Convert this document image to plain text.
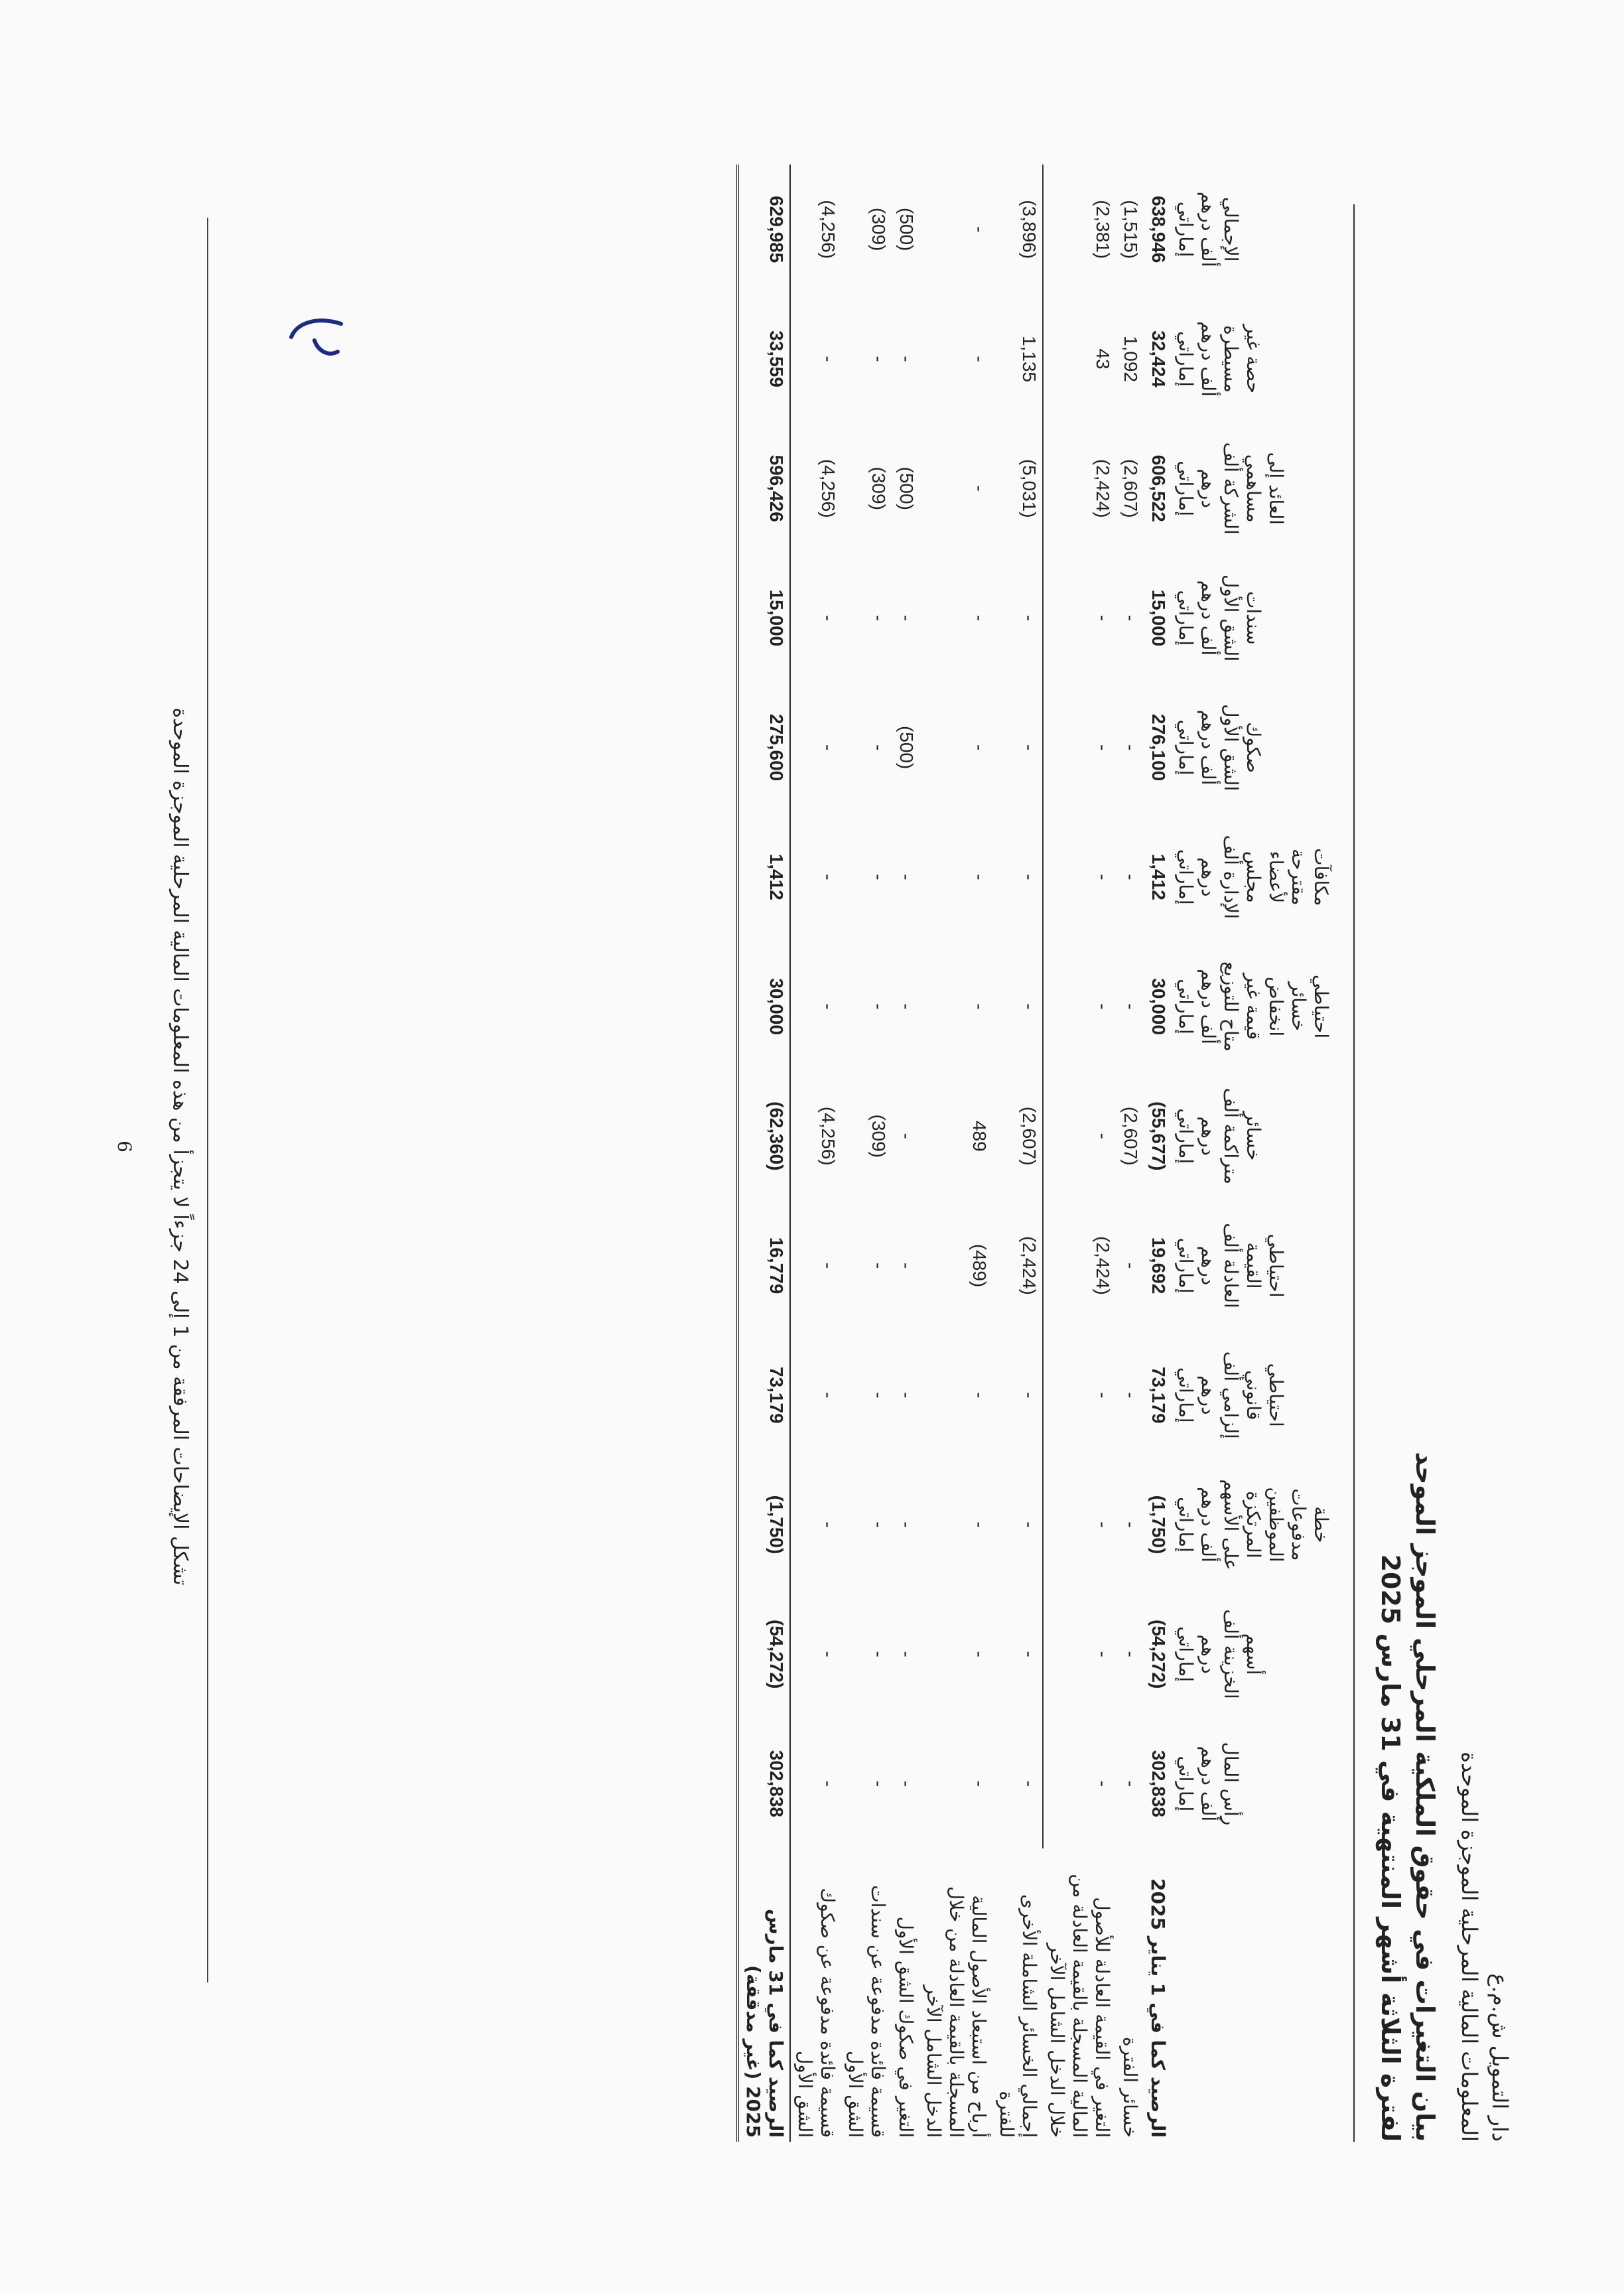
دار التمويل ش.م.ع
المعلومات المالية المرحلية الموجزة الموحدة
بيان التغيرات في حقوق الملكية المرحلي الموجز الموحد
لفترة الثلاثة أشهر المنتهية في 31 مارس 2025
	رأس المال ألف درهم إماراتي	أسهم الخزينة ألف درهم إماراتي	خطة مدفوعات الموظفين المرتكزة على الأسهم ألف درهم إماراتي	احتياطي قانوني إلزامي ألف درهم إماراتي	احتياطي القيمة العادلة ألف درهم إماراتي	خسائر متراكمة ألف درهم إماراتي	احتياطي خسائر انخفاض قيمة غير متاح للتوزيع ألف درهم إماراتي	مكافآت مقترحة لأعضاء مجلس الإدارة ألف درهم إماراتي	صكوك الشق الأول ألف درهم إماراتي	سندات الشق الأول ألف درهم إماراتي	العائد إلى مساهمي الشركة ألف درهم إماراتي	حصة غير مسيطرة ألف درهم إماراتي	الإجمالي ألف درهم إماراتي
الرصيد كما في 1 يناير 2025	302,838	(54,272)	(1,750)	73,179	19,692	(55,677)	30,000	1,412	276,100	15,000	606,522	32,424	638,946
خسائر الفترة	-	-	-	-	-	(2,607)	-	-	-	-	(2,607)	1,092	(1,515)
التغير في القيمة العادلة للأصول المالية المسجلة بالقيمة العادلة من خلال الدخل الشامل الآخر	-	-	-	-	(2,424)	-	-	-	-	-	(2,424)	43	(2,381)
إجمالي الخسائر الشاملة الأخرى للفترة	-	-	-	-	(2,424)	(2,607)	-	-	-	-	(5,031)	1,135	(3,896)
أرباح من استبعاد الأصول المالية المسجلة بالقيمة العادلة من خلال الدخل الشامل الآخر	-	-	-	-	(489)	489	-	-	-	-	-	-	-
التغير في صكوك الشق الأول	-	-	-	-	-	-	-	-	(500)	-	(500)	-	(500)
قسيمة فائدة مدفوعة عن سندات الشق الأول	-	-	-	-	-	(309)	-	-	-	-	(309)	-	(309)
قسيمة فائدة مدفوعة عن صكوك الشق الأول	-	-	-	-	-	(4,256)	-	-	-	-	(4,256)	-	(4,256)
الرصيد كما في 31 مارس 2025 (غير مدققة)	302,838	(54,272)	(1,750)	73,179	16,779	(62,360)	30,000	1,412	275,600	15,000	596,426	33,559	629,985
تشكل الإيضاحات المرفقة من 1 إلى 24 جزءاً لا يتجزأ من هذه المعلومات المالية المرحلية الموجزة الموحدة
6
